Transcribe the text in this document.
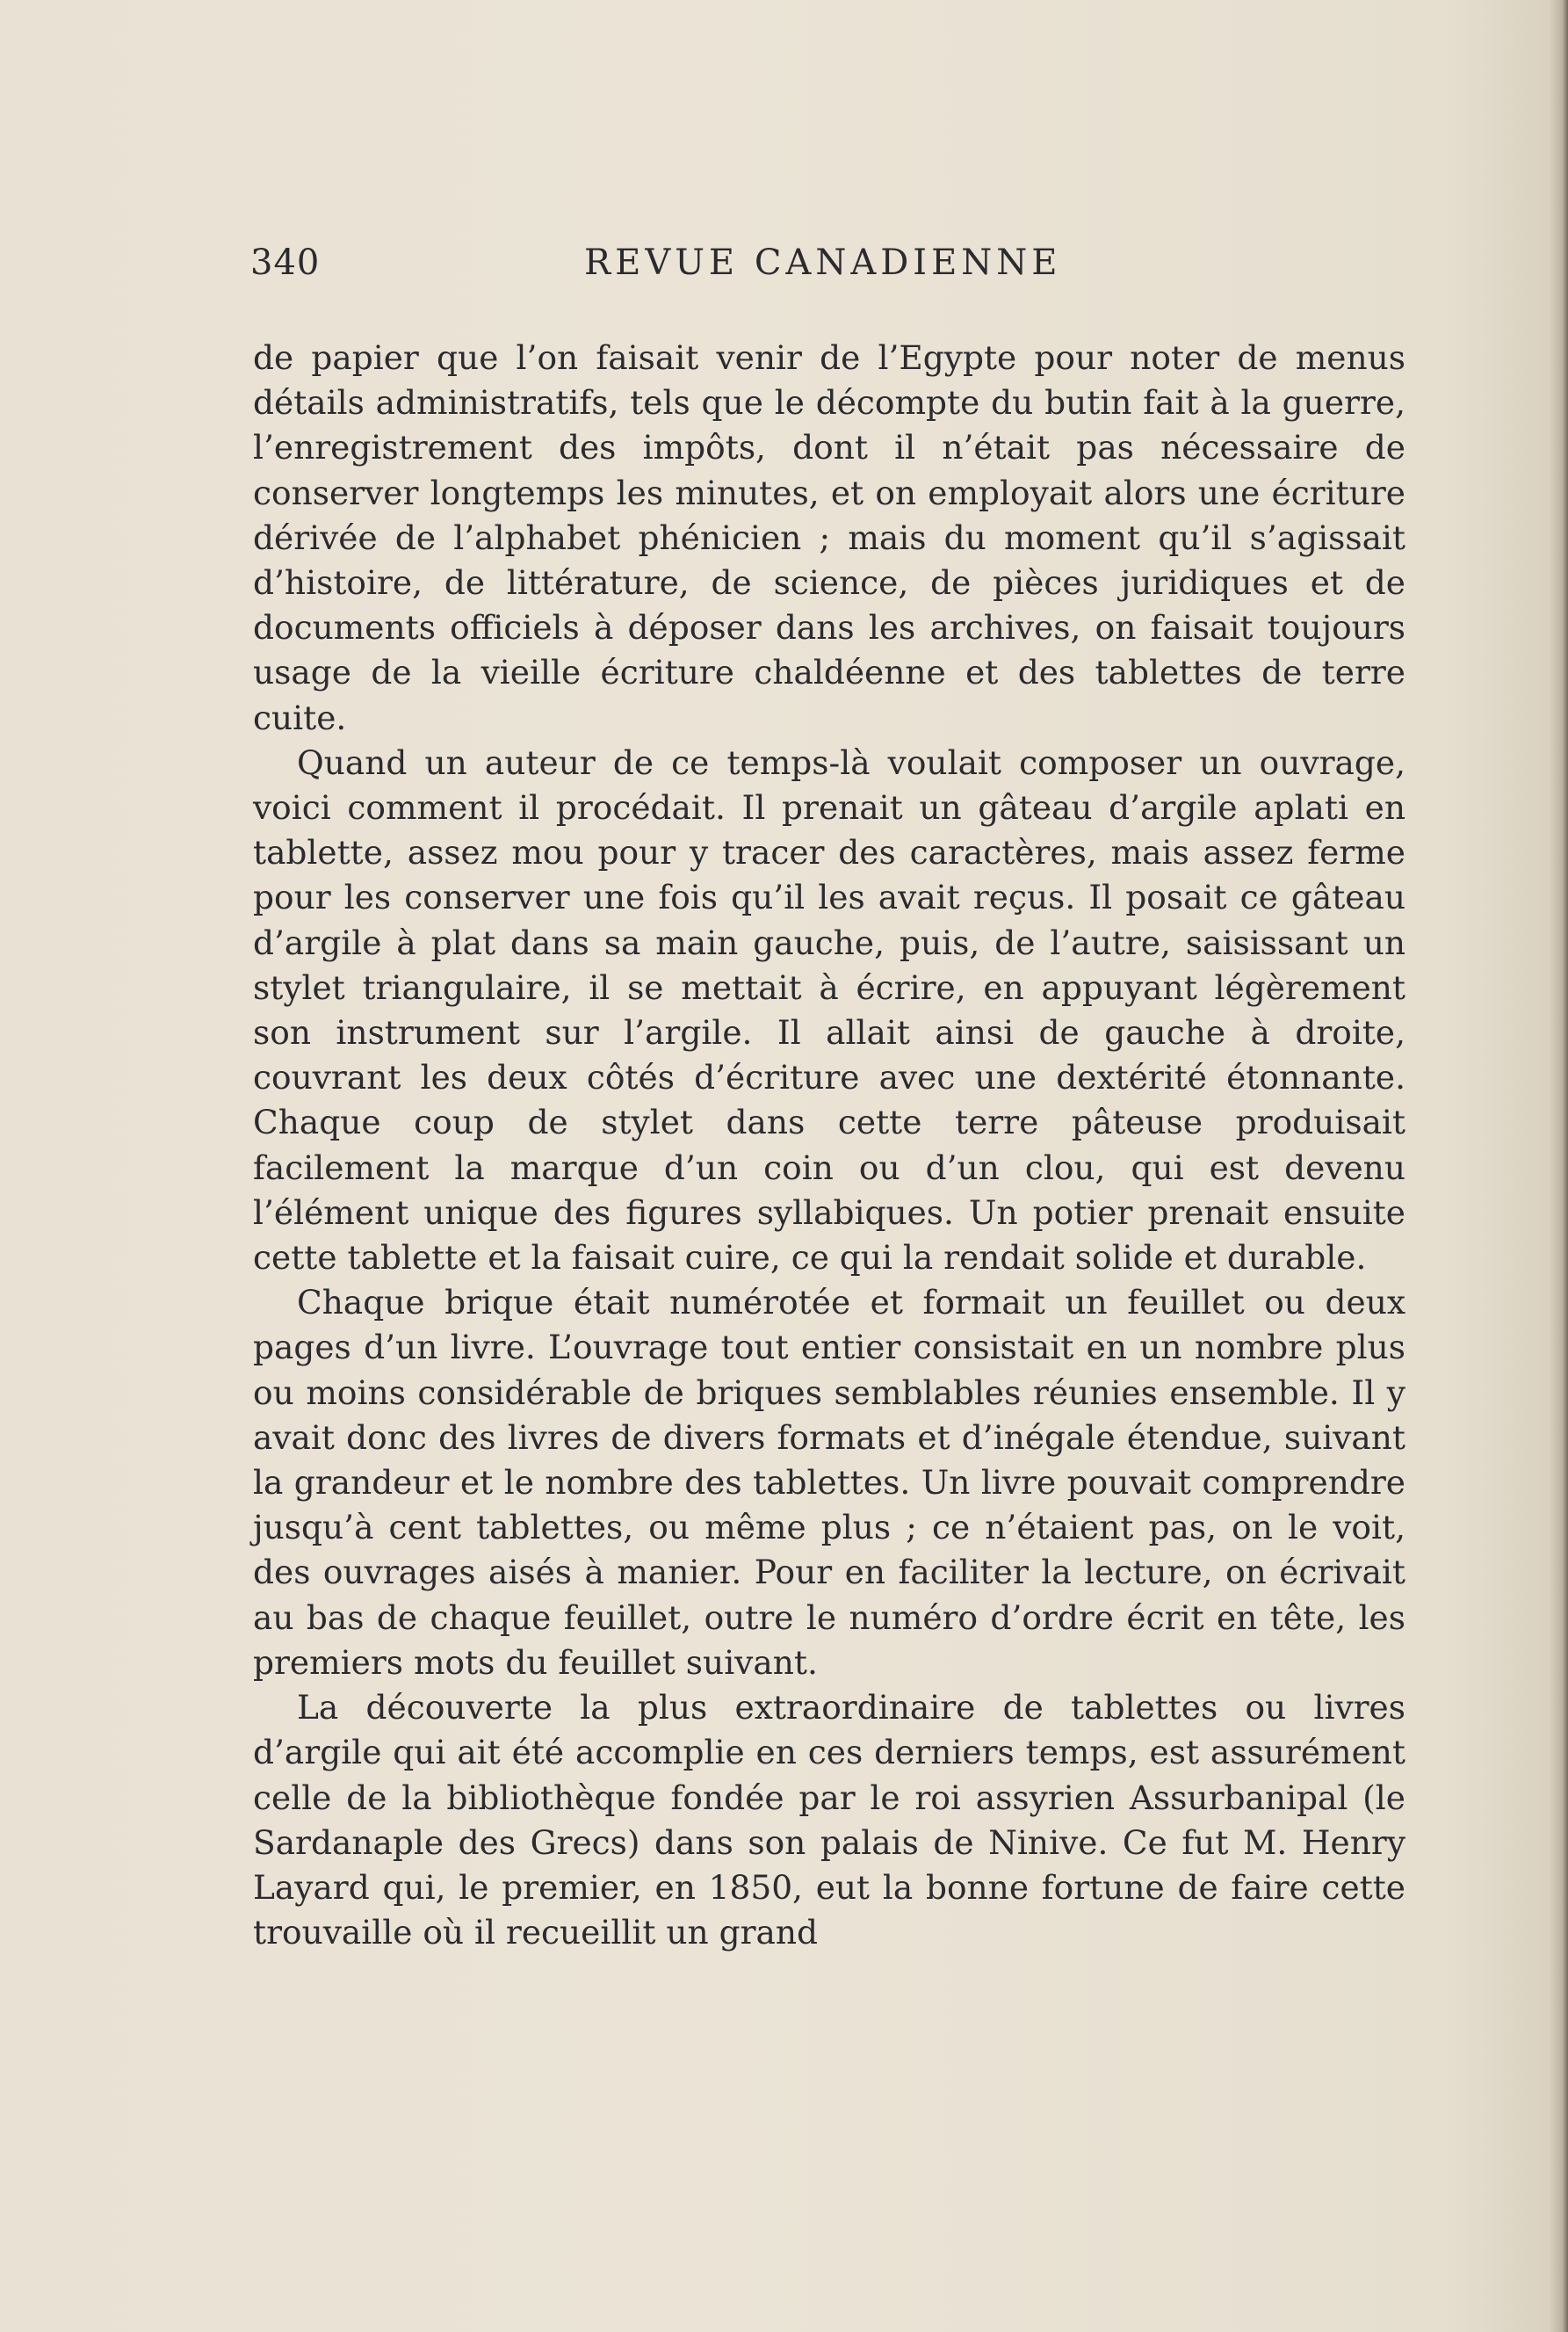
340	REVUE CANADIENNE

de papier que l’on faisait venir de l’Egypte pour noter de menus détails administratifs, tels que le décompte du butin fait à la guerre, l’enregistrement des impôts, dont il n’était pas nécessaire de conserver longtemps les minutes, et on employait alors une écriture dérivée de l’alphabet phénicien ; mais du moment qu’il s’agissait d’histoire, de littérature, de science, de pièces juridiques et de documents officiels à déposer dans les archives, on faisait toujours usage de la vieille écriture chaldéenne et des tablettes de terre cuite.

Quand un auteur de ce temps-là voulait composer un ouvrage, voici comment il procédait. Il prenait un gâteau d’argile aplati en tablette, assez mou pour y tracer des caractères, mais assez ferme pour les conserver une fois qu’il les avait reçus. Il posait ce gâteau d’argile à plat dans sa main gauche, puis, de l’autre, saisissant un stylet triangulaire, il se mettait à écrire, en appuyant légèrement son instrument sur l’argile. Il allait ainsi de gauche à droite, couvrant les deux côtés d’écriture avec une dextérité étonnante. Chaque coup de stylet dans cette terre pâteuse produisait facilement la marque d’un coin ou d’un clou, qui est devenu l’élément unique des figures syllabiques. Un potier prenait ensuite cette tablette et la faisait cuire, ce qui la rendait solide et durable.

Chaque brique était numérotée et formait un feuillet ou deux pages d’un livre. L’ouvrage tout entier consistait en un nombre plus ou moins considérable de briques semblables réunies ensemble. Il y avait donc des livres de divers formats et d’inégale étendue, suivant la grandeur et le nombre des tablettes. Un livre pouvait comprendre jusqu’à cent tablettes, ou même plus ; ce n’étaient pas, on le voit, des ouvrages aisés à manier. Pour en faciliter la lecture, on écrivait au bas de chaque feuillet, outre le numéro d’ordre écrit en tête, les premiers mots du feuillet suivant.

La découverte la plus extraordinaire de tablettes ou livres d’argile qui ait été accomplie en ces derniers temps, est assurément celle de la bibliothèque fondée par le roi assyrien Assurbanipal (le Sardanaple des Grecs) dans son palais de Ninive. Ce fut M. Henry Layard qui, le premier, en 1850, eut la bonne fortune de faire cette trouvaille où il recueillit un grand
